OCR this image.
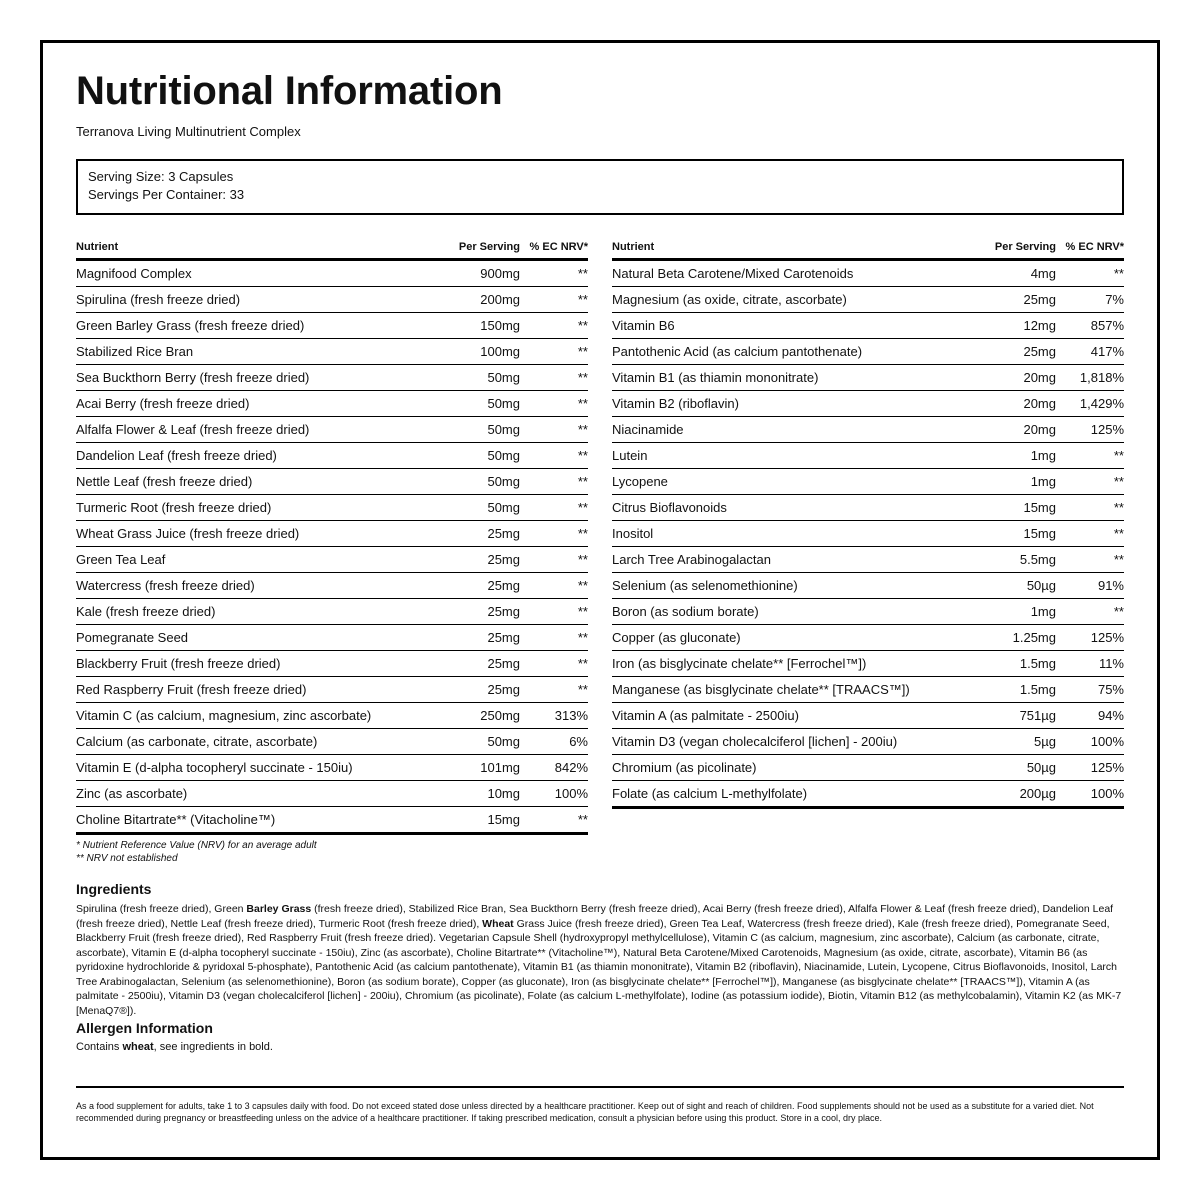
Nutritional Information
Terranova Living Multinutrient Complex
Serving Size: 3 Capsules
Servings Per Container: 33
Nutrient	Per Serving	% EC NRV*
Magnifood Complex	900mg	**
Spirulina (fresh freeze dried)	200mg	**
Green Barley Grass (fresh freeze dried)	150mg	**
Stabilized Rice Bran	100mg	**
Sea Buckthorn Berry (fresh freeze dried)	50mg	**
Acai Berry (fresh freeze dried)	50mg	**
Alfalfa Flower & Leaf (fresh freeze dried)	50mg	**
Dandelion Leaf (fresh freeze dried)	50mg	**
Nettle Leaf (fresh freeze dried)	50mg	**
Turmeric Root (fresh freeze dried)	50mg	**
Wheat Grass Juice (fresh freeze dried)	25mg	**
Green Tea Leaf	25mg	**
Watercress (fresh freeze dried)	25mg	**
Kale (fresh freeze dried)	25mg	**
Pomegranate Seed	25mg	**
Blackberry Fruit (fresh freeze dried)	25mg	**
Red Raspberry Fruit (fresh freeze dried)	25mg	**
Vitamin C (as calcium, magnesium, zinc ascorbate)	250mg	313%
Calcium (as carbonate, citrate, ascorbate)	50mg	6%
Vitamin E (d-alpha tocopheryl succinate - 150iu)	101mg	842%
Zinc (as ascorbate)	10mg	100%
Choline Bitartrate** (Vitacholine™)	15mg	**
Nutrient	Per Serving	% EC NRV*
Natural Beta Carotene/Mixed Carotenoids	4mg	**
Magnesium (as oxide, citrate, ascorbate)	25mg	7%
Vitamin B6	12mg	857%
Pantothenic Acid (as calcium pantothenate)	25mg	417%
Vitamin B1 (as thiamin mononitrate)	20mg	1,818%
Vitamin B2 (riboflavin)	20mg	1,429%
Niacinamide	20mg	125%
Lutein	1mg	**
Lycopene	1mg	**
Citrus Bioflavonoids	15mg	**
Inositol	15mg	**
Larch Tree Arabinogalactan	5.5mg	**
Selenium (as selenomethionine)	50µg	91%
Boron (as sodium borate)	1mg	**
Copper (as gluconate)	1.25mg	125%
Iron (as bisglycinate chelate** [Ferrochel™])	1.5mg	11%
Manganese (as bisglycinate chelate** [TRAACS™])	1.5mg	75%
Vitamin A (as palmitate - 2500iu)	751µg	94%
Vitamin D3 (vegan cholecalciferol [lichen] - 200iu)	5µg	100%
Chromium (as picolinate)	50µg	125%
Folate (as calcium L-methylfolate)	200µg	100%
* Nutrient Reference Value (NRV) for an average adult
** NRV not established
Ingredients
Spirulina (fresh freeze dried), Green Barley Grass (fresh freeze dried), Stabilized Rice Bran, Sea Buckthorn Berry (fresh freeze dried), Acai Berry (fresh freeze dried), Alfalfa Flower & Leaf (fresh freeze dried), Dandelion Leaf (fresh freeze dried), Nettle Leaf (fresh freeze dried), Turmeric Root (fresh freeze dried), Wheat Grass Juice (fresh freeze dried), Green Tea Leaf, Watercress (fresh freeze dried), Kale (fresh freeze dried), Pomegranate Seed, Blackberry Fruit (fresh freeze dried), Red Raspberry Fruit (fresh freeze dried). Vegetarian Capsule Shell (hydroxypropyl methylcellulose), Vitamin C (as calcium, magnesium, zinc ascorbate), Calcium (as carbonate, citrate, ascorbate), Vitamin E (d-alpha tocopheryl succinate - 150iu), Zinc (as ascorbate), Choline Bitartrate** (Vitacholine™), Natural Beta Carotene/Mixed Carotenoids, Magnesium (as oxide, citrate, ascorbate), Vitamin B6 (as pyridoxine hydrochloride & pyridoxal 5-phosphate), Pantothenic Acid (as calcium pantothenate), Vitamin B1 (as thiamin mononitrate), Vitamin B2 (riboflavin), Niacinamide, Lutein, Lycopene, Citrus Bioflavonoids, Inositol, Larch Tree Arabinogalactan, Selenium (as selenomethionine), Boron (as sodium borate), Copper (as gluconate), Iron (as bisglycinate chelate** [Ferrochel™]), Manganese (as bisglycinate chelate** [TRAACS™]), Vitamin A (as palmitate - 2500iu), Vitamin D3 (vegan cholecalciferol [lichen] - 200iu), Chromium (as picolinate), Folate (as calcium L-methylfolate), Iodine (as potassium iodide), Biotin, Vitamin B12 (as methylcobalamin), Vitamin K2 (as MK-7 [MenaQ7®]).
Allergen Information
Contains wheat, see ingredients in bold.
As a food supplement for adults, take 1 to 3 capsules daily with food. Do not exceed stated dose unless directed by a healthcare practitioner. Keep out of sight and reach of children. Food supplements should not be used as a substitute for a varied diet. Not recommended during pregnancy or breastfeeding unless on the advice of a healthcare practitioner. If taking prescribed medication, consult a physician before using this product. Store in a cool, dry place.
